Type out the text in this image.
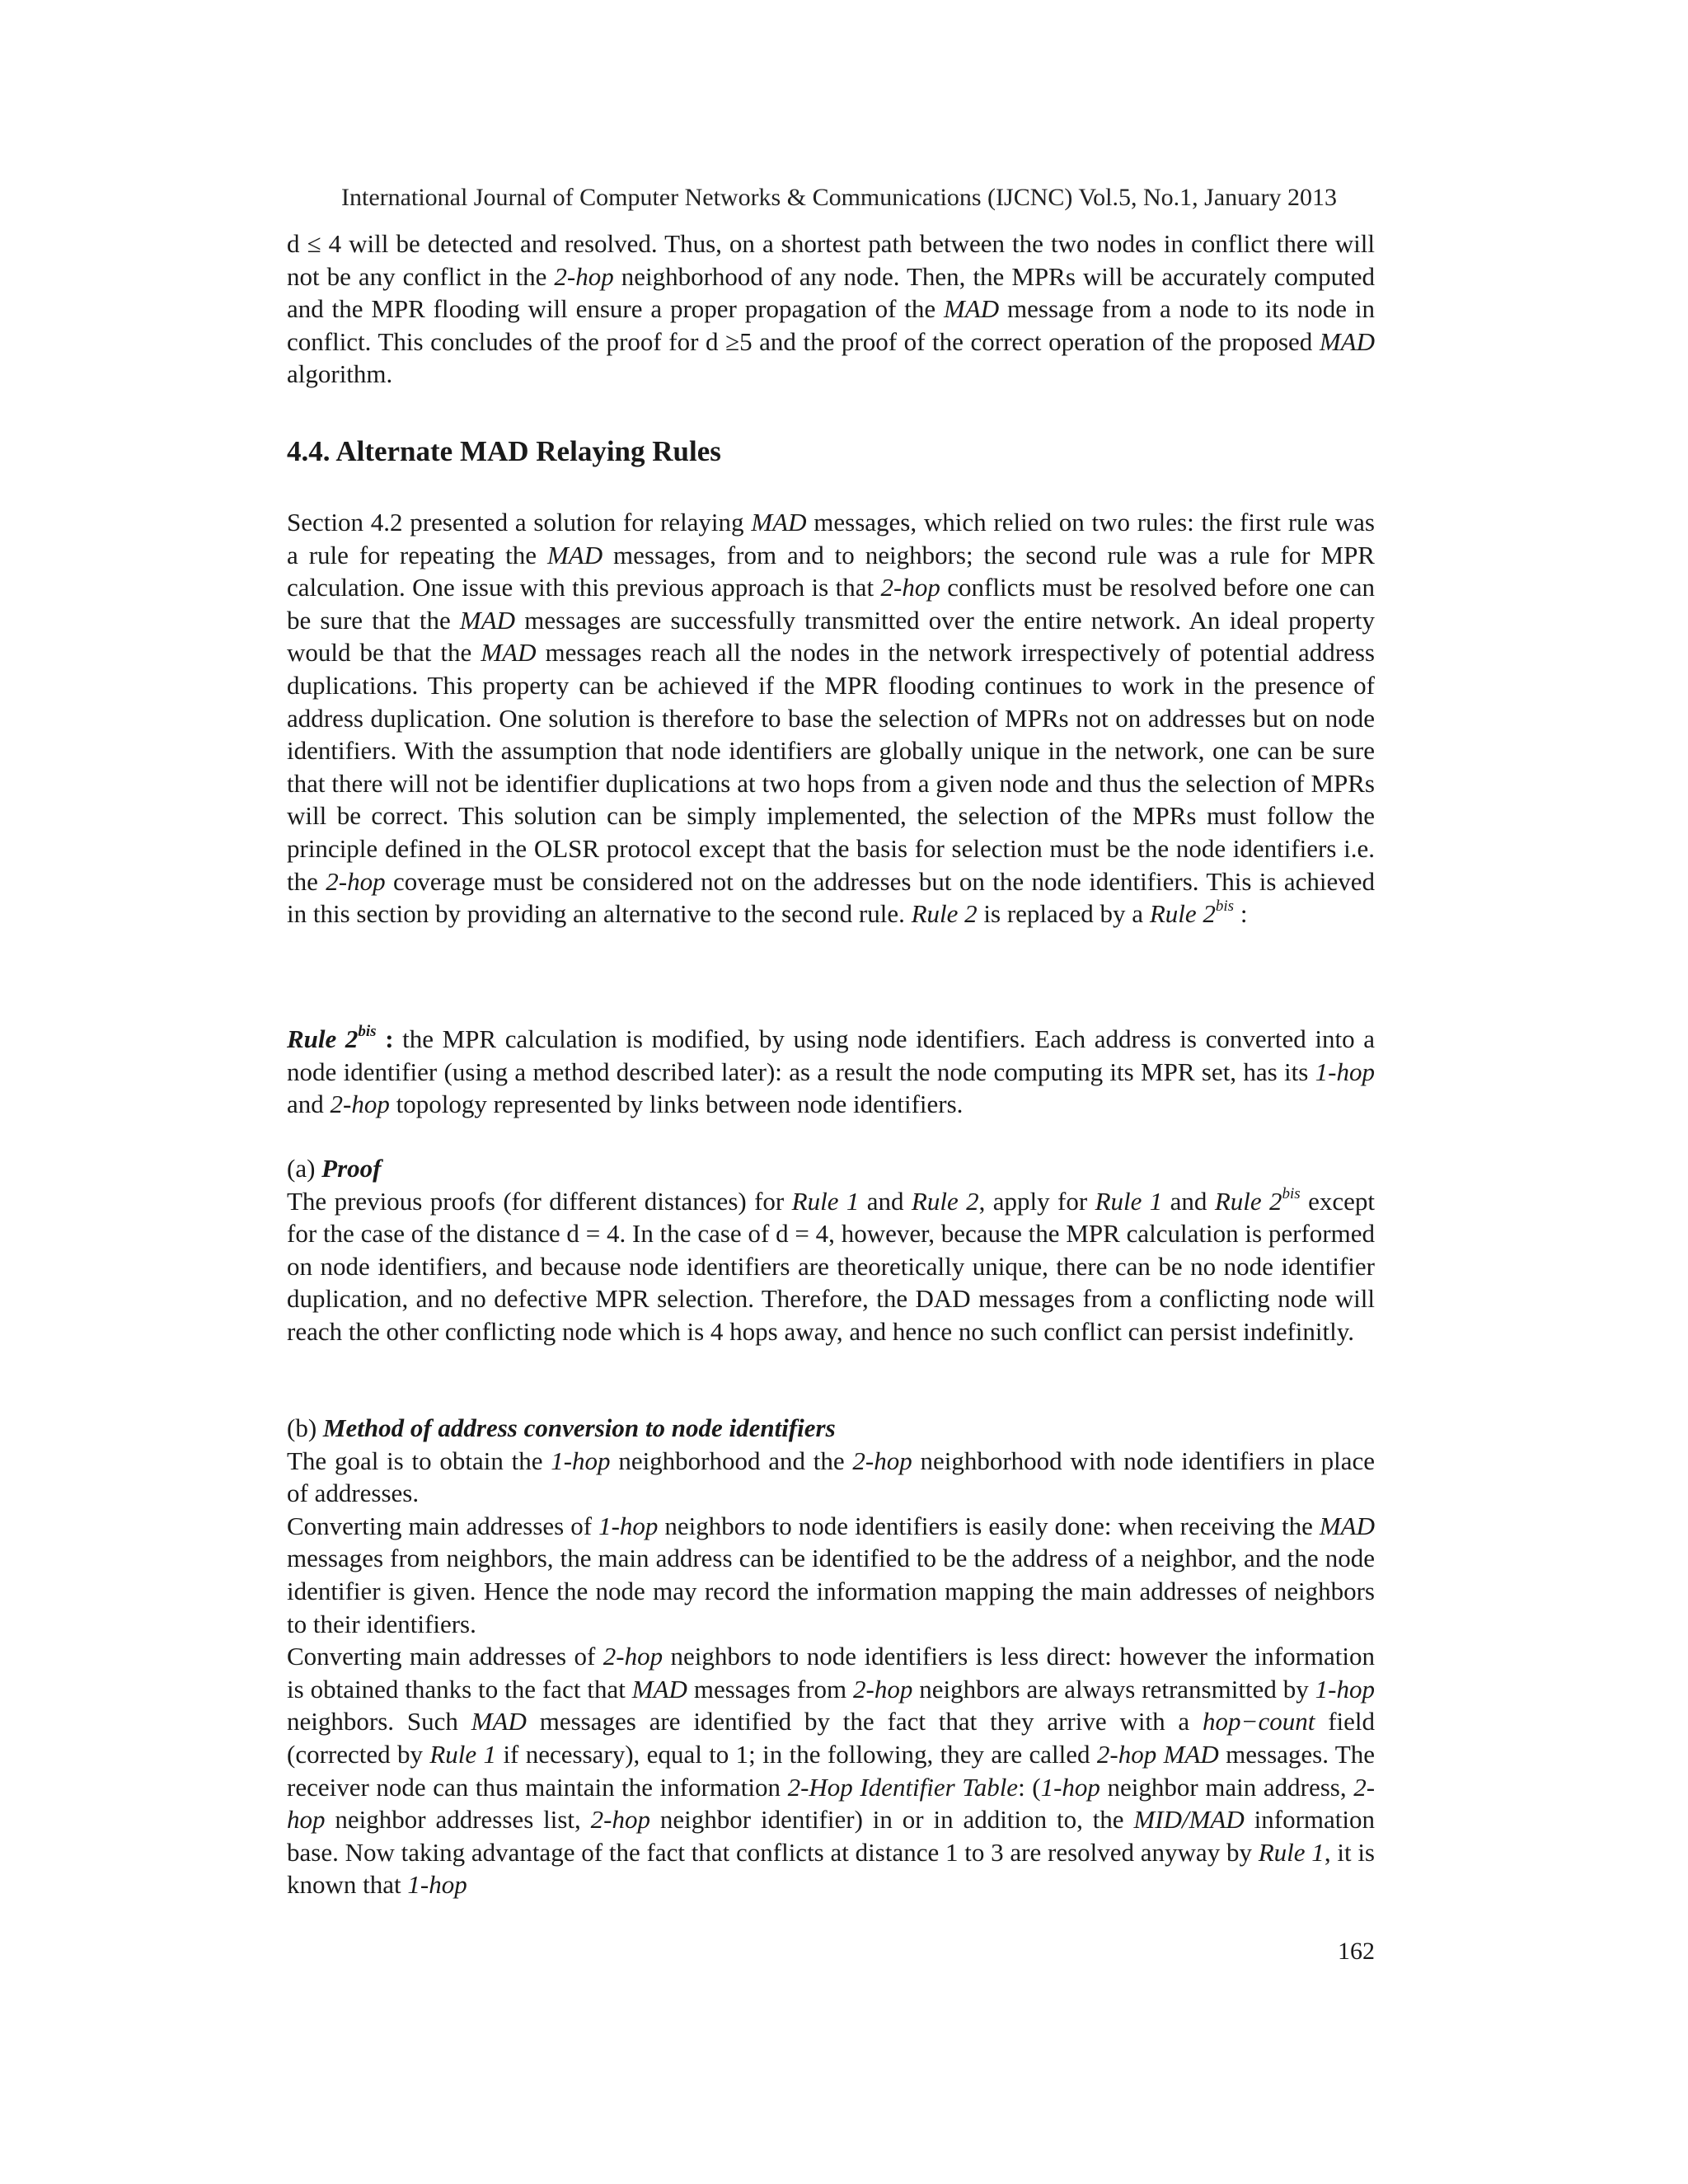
International Journal of Computer Networks & Communications (IJCNC) Vol.5, No.1, January 2013

d ≤ 4 will be detected and resolved. Thus, on a shortest path between the two nodes in conflict there will not be any conflict in the 2-hop neighborhood of any node. Then, the MPRs will be accurately computed and the MPR flooding will ensure a proper propagation of the MAD message from a node to its node in conflict. This concludes of the proof for d ≥5 and the proof of the correct operation of the proposed MAD algorithm.

4.4. Alternate MAD Relaying Rules

Section 4.2 presented a solution for relaying MAD messages, which relied on two rules: the first rule was a rule for repeating the MAD messages, from and to neighbors; the second rule was a rule for MPR calculation. One issue with this previous approach is that 2-hop conflicts must be resolved before one can be sure that the MAD messages are successfully transmitted over the entire network. An ideal property would be that the MAD messages reach all the nodes in the network irrespectively of potential address duplications. This property can be achieved if the MPR flooding continues to work in the presence of address duplication. One solution is therefore to base the selection of MPRs not on addresses but on node identifiers. With the assumption that node identifiers are globally unique in the network, one can be sure that there will not be identifier duplications at two hops from a given node and thus the selection of MPRs will be correct. This solution can be simply implemented, the selection of the MPRs must follow the principle defined in the OLSR protocol except that the basis for selection must be the node identifiers i.e. the 2-hop coverage must be considered not on the addresses but on the node identifiers. This is achieved in this section by providing an alternative to the second rule. Rule 2 is replaced by a Rule $2^{bis}$ :

Rule $2^{bis}$ : the MPR calculation is modified, by using node identifiers. Each address is converted into a node identifier (using a method described later): as a result the node computing its MPR set, has its 1-hop and 2-hop topology represented by links between node identifiers.

(a) Proof

The previous proofs (for different distances) for Rule 1 and Rule 2, apply for Rule 1 and Rule $2^{bis}$ except for the case of the distance d = 4. In the case of d = 4, however, because the MPR calculation is performed on node identifiers, and because node identifiers are theoretically unique, there can be no node identifier duplication, and no defective MPR selection. Therefore, the DAD messages from a conflicting node will reach the other conflicting node which is 4 hops away, and hence no such conflict can persist indefinitly.

(b) Method of address conversion to node identifiers

The goal is to obtain the 1-hop neighborhood and the 2-hop neighborhood with node identifiers in place of addresses.

Converting main addresses of 1-hop neighbors to node identifiers is easily done: when receiving the MAD messages from neighbors, the main address can be identified to be the address of a neighbor, and the node identifier is given. Hence the node may record the information mapping the main addresses of neighbors to their identifiers.

Converting main addresses of 2-hop neighbors to node identifiers is less direct: however the information is obtained thanks to the fact that MAD messages from 2-hop neighbors are always retransmitted by 1-hop neighbors. Such MAD messages are identified by the fact that they arrive with a hop−count field (corrected by Rule 1 if necessary), equal to 1; in the following, they are called 2-hop MAD messages. The receiver node can thus maintain the information 2-Hop Identifier Table: (1-hop neighbor main address, 2-hop neighbor addresses list, 2-hop neighbor identifier) in or in addition to, the MID/MAD information base. Now taking advantage of the fact that conflicts at distance 1 to 3 are resolved anyway by Rule 1, it is known that 1-hop

162
